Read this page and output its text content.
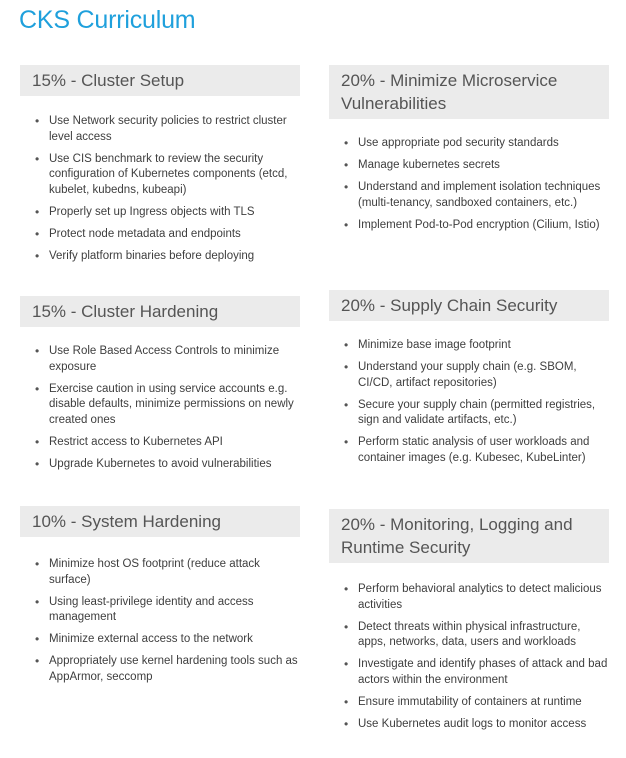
CKS Curriculum
15% - Cluster Setup
• Use Network security policies to restrict cluster level access
• Use CIS benchmark to review the security configuration of Kubernetes components (etcd, kubelet, kubedns, kubeapi)
• Properly set up Ingress objects with TLS
• Protect node metadata and endpoints
• Verify platform binaries before deploying
15% - Cluster Hardening
• Use Role Based Access Controls to minimize exposure
• Exercise caution in using service accounts e.g. disable defaults, minimize permissions on newly created ones
• Restrict access to Kubernetes API
• Upgrade Kubernetes to avoid vulnerabilities
10% - System Hardening
• Minimize host OS footprint (reduce attack surface)
• Using least-privilege identity and access management
• Minimize external access to the network
• Appropriately use kernel hardening tools such as AppArmor, seccomp
20% - Minimize Microservice Vulnerabilities
• Use appropriate pod security standards
• Manage kubernetes secrets
• Understand and implement isolation techniques (multi-tenancy, sandboxed containers, etc.)
• Implement Pod-to-Pod encryption (Cilium, Istio)
20% - Supply Chain Security
• Minimize base image footprint
• Understand your supply chain (e.g. SBOM, CI/CD, artifact repositories)
• Secure your supply chain (permitted registries, sign and validate artifacts, etc.)
• Perform static analysis of user workloads and container images (e.g. Kubesec, KubeLinter)
20% - Monitoring, Logging and Runtime Security
• Perform behavioral analytics to detect malicious activities
• Detect threats within physical infrastructure, apps, networks, data, users and workloads
• Investigate and identify phases of attack and bad actors within the environment
• Ensure immutability of containers at runtime
• Use Kubernetes audit logs to monitor access
